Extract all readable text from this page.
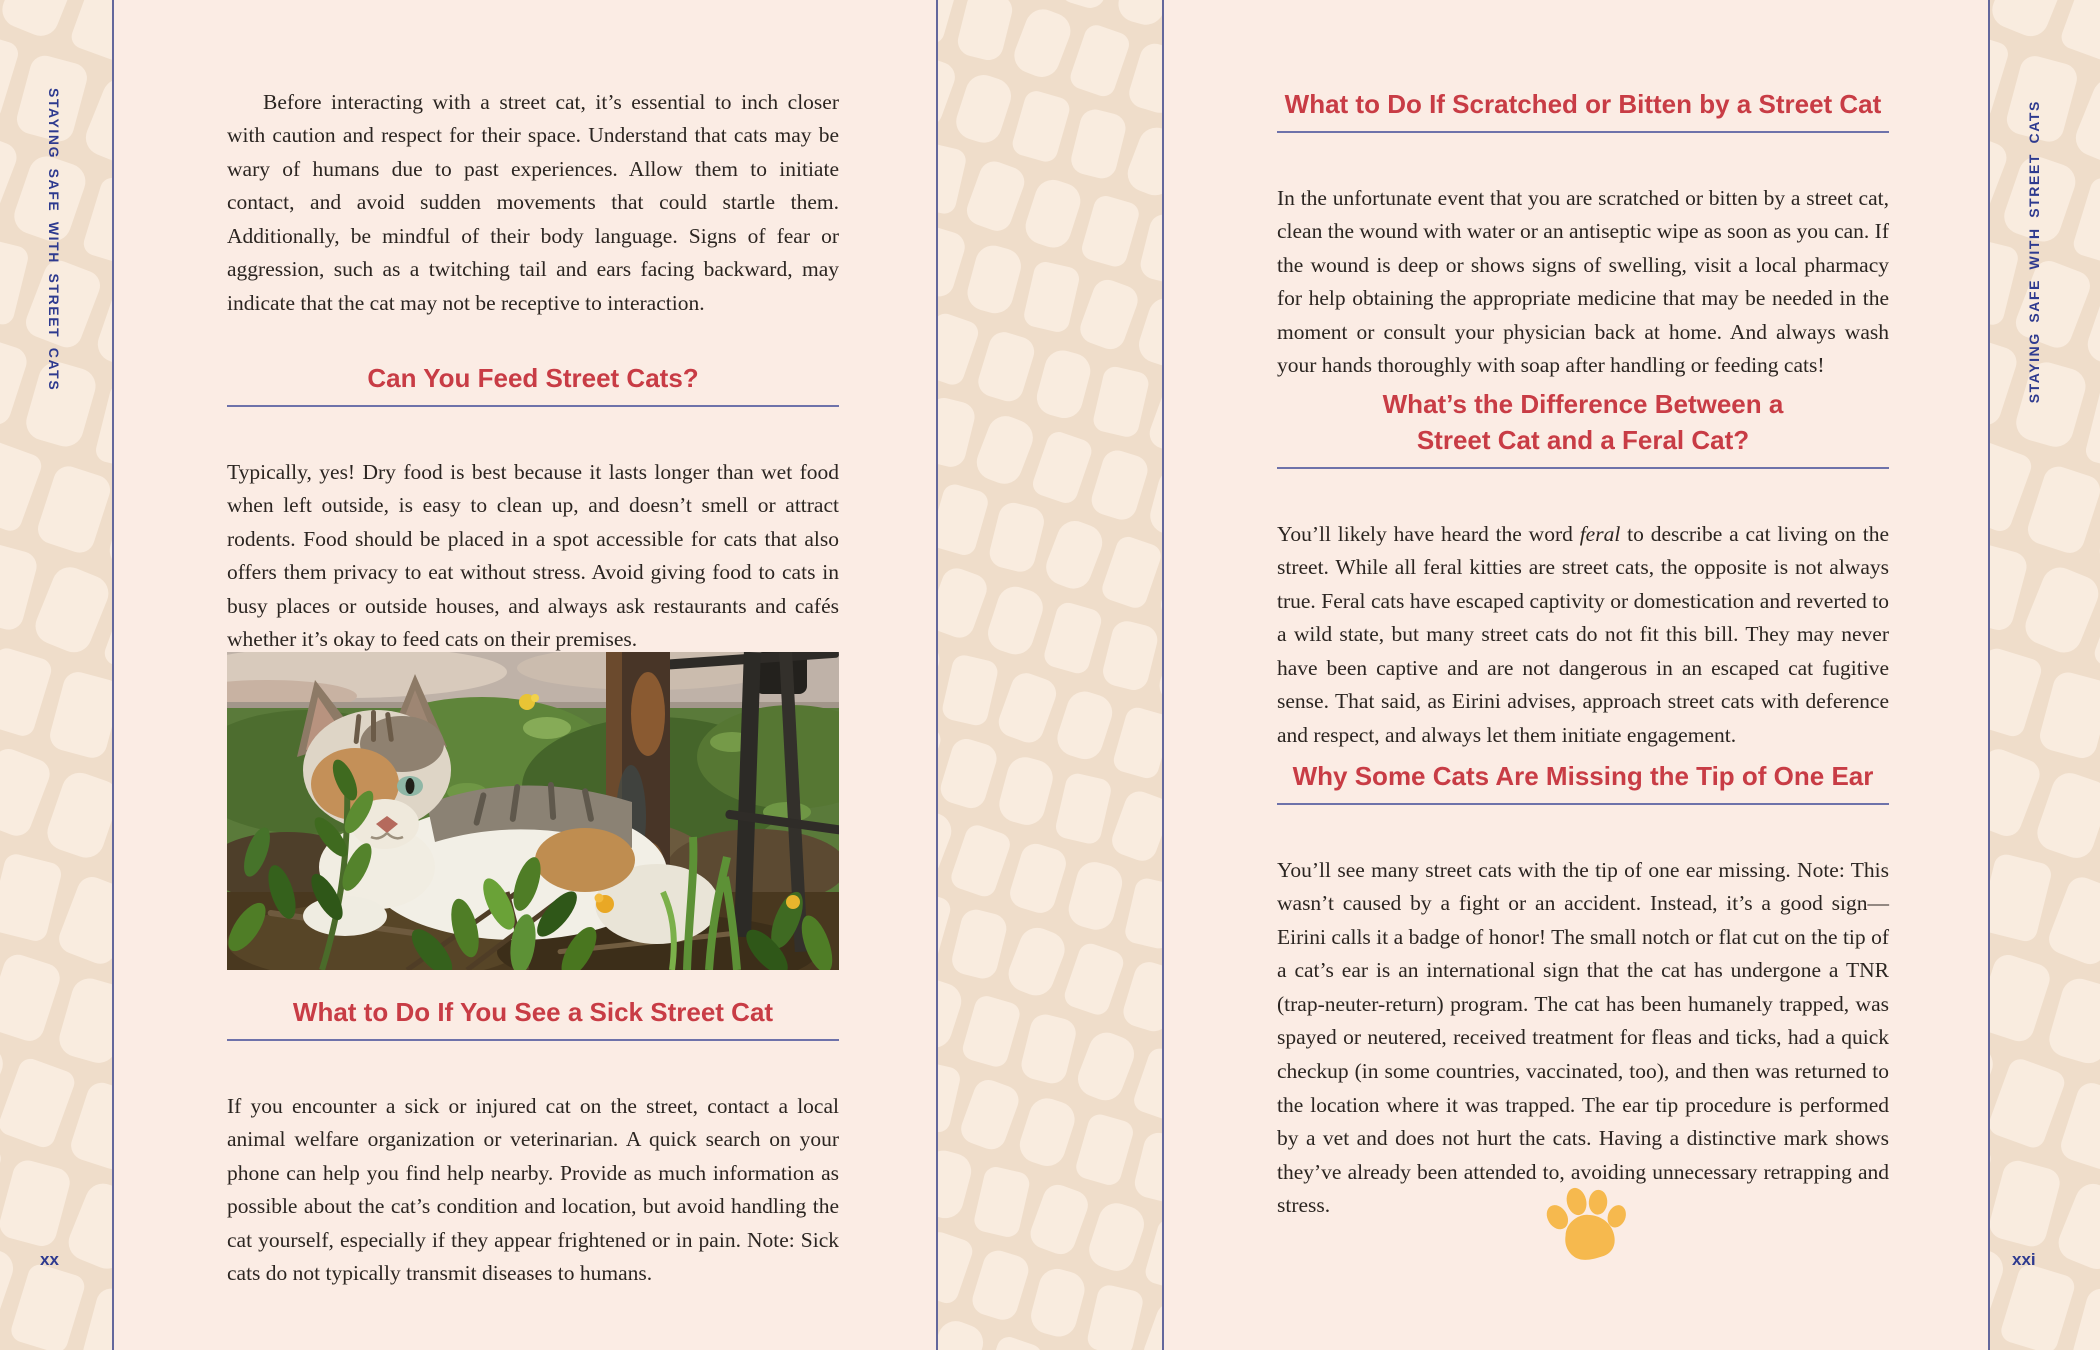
STAYING SAFE WITH STREET CATS	STAYING SAFE WITH STREET CATS
xx	xxi

Before interacting with a street cat, it’s essential to inch closer with caution and respect for their space. Understand that cats may be wary of humans due to past experiences. Allow them to initiate contact, and avoid sudden movements that could startle them. Additionally, be mindful of their body language. Signs of fear or aggression, such as a twitching tail and ears facing backward, may indicate that the cat may not be receptive to interaction.

Can You Feed Street Cats?

Typically, yes! Dry food is best because it lasts longer than wet food when left outside, is easy to clean up, and doesn’t smell or attract rodents. Food should be placed in a spot accessible for cats that also offers them privacy to eat without stress. Avoid giving food to cats in busy places or outside houses, and always ask restaurants and cafés whether it’s okay to feed cats on their premises.

What to Do If You See a Sick Street Cat

If you encounter a sick or injured cat on the street, contact a local animal welfare organization or veterinarian. A quick search on your phone can help you find help nearby. Provide as much information as possible about the cat’s condition and location, but avoid handling the cat yourself, especially if they appear frightened or in pain. Note: Sick cats do not typically transmit diseases to humans.

What to Do If Scratched or Bitten by a Street Cat

In the unfortunate event that you are scratched or bitten by a street cat, clean the wound with water or an antiseptic wipe as soon as you can. If the wound is deep or shows signs of swelling, visit a local pharmacy for help obtaining the appropriate medicine that may be needed in the moment or consult your physician back at home. And always wash your hands thoroughly with soap after handling or feeding cats!

What’s the Difference Between a
Street Cat and a Feral Cat?

You’ll likely have heard the word feral to describe a cat living on the street. While all feral kitties are street cats, the opposite is not always true. Feral cats have escaped captivity or domestication and reverted to a wild state, but many street cats do not fit this bill. They may never have been captive and are not dangerous in an escaped cat fugitive sense. That said, as Eirini advises, approach street cats with deference and respect, and always let them initiate engagement.

Why Some Cats Are Missing the Tip of One Ear

You’ll see many street cats with the tip of one ear missing. Note: This wasn’t caused by a fight or an accident. Instead, it’s a good sign—Eirini calls it a badge of honor! The small notch or flat cut on the tip of a cat’s ear is an international sign that the cat has undergone a TNR (trap-neuter-return) program. The cat has been humanely trapped, was spayed or neutered, received treatment for fleas and ticks, had a quick checkup (in some countries, vaccinated, too), and then was returned to the location where it was trapped. The ear tip procedure is performed by a vet and does not hurt the cats. Having a distinctive mark shows they’ve already been attended to, avoiding unnecessary retrapping and stress.
